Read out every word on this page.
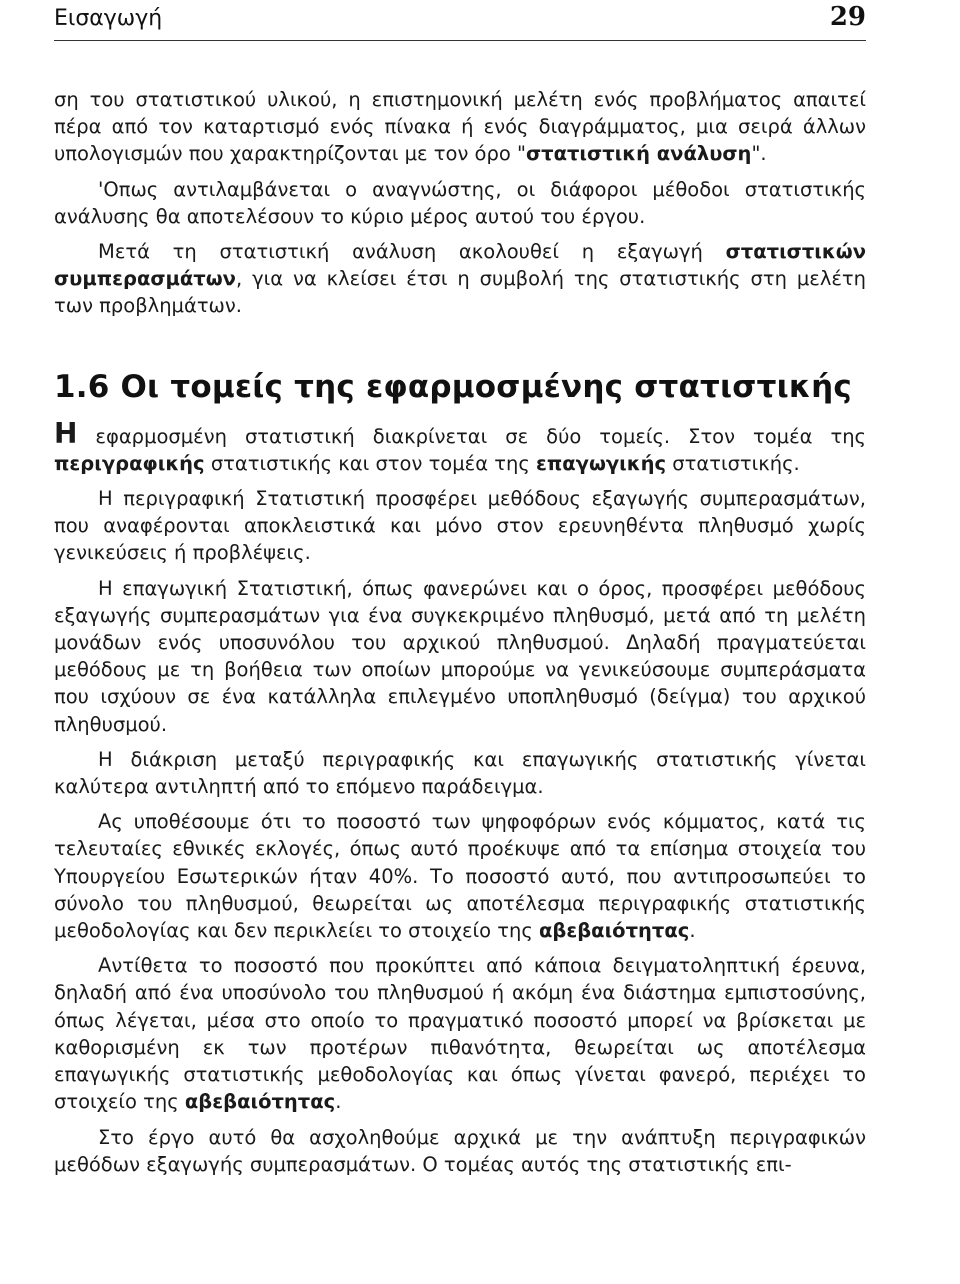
Εισαγωγή	29

ση του στατιστικού υλικού, η επιστημονική μελέτη ενός προβλήματος απαιτεί πέρα από τον καταρτισμό ενός πίνακα ή ενός διαγράμματος, μια σειρά άλλων υπολογισμών που χαρακτηρίζονται με τον όρο "στατιστική ανάλυση".

'Οπως αντιλαμβάνεται ο αναγνώστης, οι διάφοροι μέθοδοι στατιστικής ανάλυσης θα αποτελέσουν το κύριο μέρος αυτού του έργου.

Μετά τη στατιστική ανάλυση ακολουθεί η εξαγωγή στατιστικών συμπερασμάτων, για να κλείσει έτσι η συμβολή της στατιστικής στη μελέτη των προβλημάτων.

1.6 Οι τομείς της εφαρμοσμένης στατιστικής

Η εφαρμοσμένη στατιστική διακρίνεται σε δύο τομείς. Στον τομέα της περιγραφικής στατιστικής και στον τομέα της επαγωγικής στατιστικής.

Η περιγραφική Στατιστική προσφέρει μεθόδους εξαγωγής συμπερασμάτων, που αναφέρονται αποκλειστικά και μόνο στον ερευνηθέντα πληθυσμό χωρίς γενικεύσεις ή προβλέψεις.

Η επαγωγική Στατιστική, όπως φανερώνει και ο όρος, προσφέρει μεθόδους εξαγωγής συμπερασμάτων για ένα συγκεκριμένο πληθυσμό, μετά από τη μελέτη μονάδων ενός υποσυνόλου του αρχικού πληθυσμού. Δηλαδή πραγματεύεται μεθόδους με τη βοήθεια των οποίων μπορούμε να γενικεύσουμε συμπεράσματα που ισχύουν σε ένα κατάλληλα επιλεγμένο υποπληθυσμό (δείγμα) του αρχικού πληθυσμού.

Η διάκριση μεταξύ περιγραφικής και επαγωγικής στατιστικής γίνεται καλύτερα αντιληπτή από το επόμενο παράδειγμα.

Ας υποθέσουμε ότι το ποσοστό των ψηφοφόρων ενός κόμματος, κατά τις τελευταίες εθνικές εκλογές, όπως αυτό προέκυψε από τα επίσημα στοιχεία του Υπουργείου Εσωτερικών ήταν 40%. Το ποσοστό αυτό, που αντιπροσωπεύει το σύνολο του πληθυσμού, θεωρείται ως αποτέλεσμα περιγραφικής στατιστικής μεθοδολογίας και δεν περικλείει το στοιχείο της αβεβαιότητας.

Αντίθετα το ποσοστό που προκύπτει από κάποια δειγματοληπτική έρευνα, δηλαδή από ένα υποσύνολο του πληθυσμού ή ακόμη ένα διάστημα εμπιστοσύνης, όπως λέγεται, μέσα στο οποίο το πραγματικό ποσοστό μπορεί να βρίσκεται με καθορισμένη εκ των προτέρων πιθανότητα, θεωρείται ως αποτέλεσμα επαγωγικής στατιστικής μεθοδολογίας και όπως γίνεται φανερό, περιέχει το στοιχείο της αβεβαιότητας.

Στο έργο αυτό θα ασχοληθούμε αρχικά με την ανάπτυξη περιγραφικών μεθόδων εξαγωγής συμπερασμάτων. Ο τομέας αυτός της στατιστικής επι-
